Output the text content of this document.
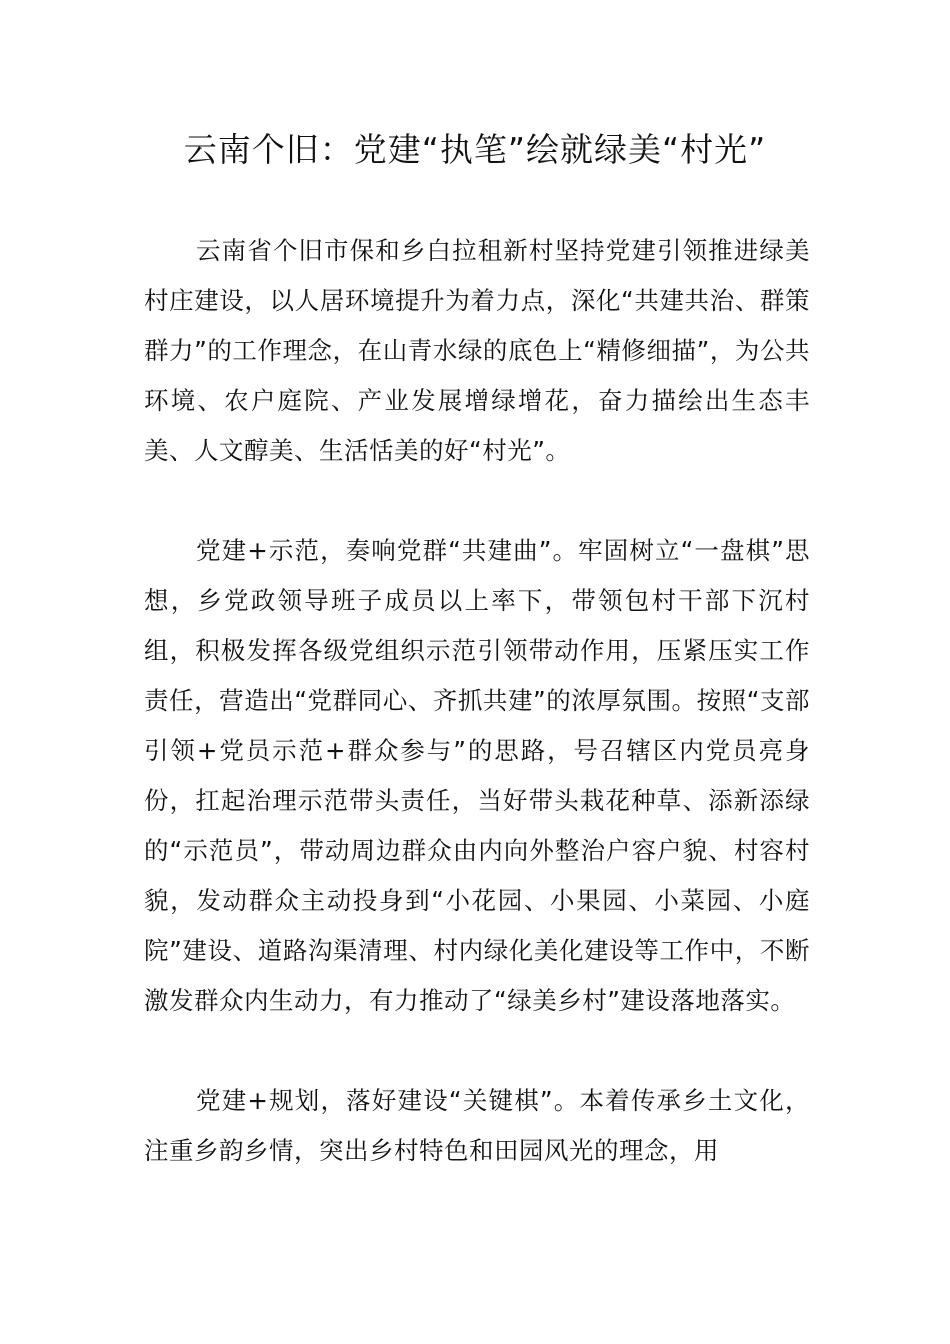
云南个旧：党建“执笔”绘就绿美“村光”

云南省个旧市保和乡白拉租新村坚持党建引领推进绿美村庄建设，以人居环境提升为着力点，深化“共建共治、群策群力”的工作理念，在山青水绿的底色上“精修细描”，为公共环境、农户庭院、产业发展增绿增花，奋力描绘出生态丰美、人文醇美、生活恬美的好“村光”。

党建+示范，奏响党群“共建曲”。牢固树立“一盘棋”思想，乡党政领导班子成员以上率下，带领包村干部下沉村组，积极发挥各级党组织示范引领带动作用，压紧压实工作责任，营造出“党群同心、齐抓共建”的浓厚氛围。按照“支部引领+党员示范+群众参与”的思路，号召辖区内党员亮身份，扛起治理示范带头责任，当好带头栽花种草、添新添绿的“示范员”，带动周边群众由内向外整治户容户貌、村容村貌，发动群众主动投身到“小花园、小果园、小菜园、小庭院”建设、道路沟渠清理、村内绿化美化建设等工作中，不断激发群众内生动力，有力推动了“绿美乡村”建设落地落实。

党建+规划，落好建设“关键棋”。本着传承乡土文化，注重乡韵乡情，突出乡村特色和田园风光的理念，用
